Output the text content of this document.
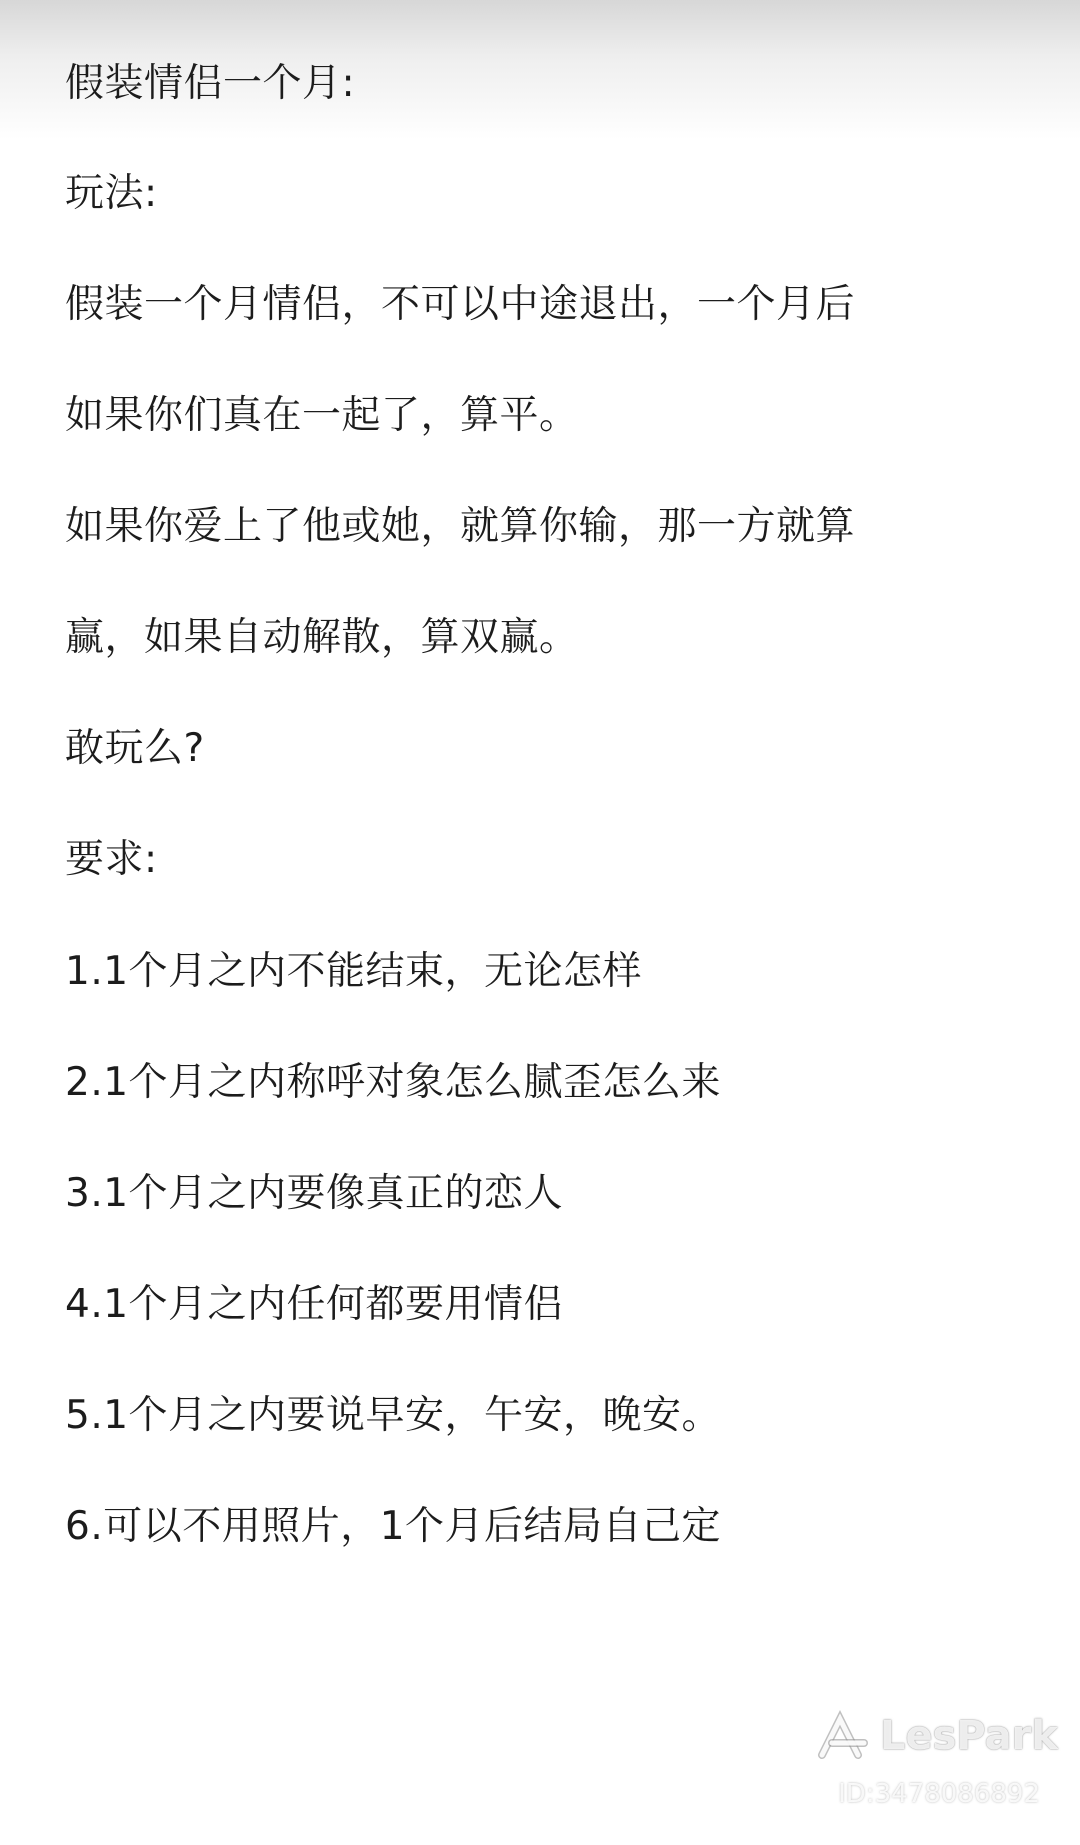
假装情侣一个月:
玩法:
假装一个月情侣，不可以中途退出，一个月后
如果你们真在一起了，算平。
如果你爱上了他或她，就算你输，那一方就算
赢，如果自动解散，算双赢。
敢玩么?
要求:
1.1个月之内不能结束，无论怎样
2.1个月之内称呼对象怎么腻歪怎么来
3.1个月之内要像真正的恋人
4.1个月之内任何都要用情侣
5.1个月之内要说早安，午安，晚安。
6.可以不用照片，1个月后结局自己定
LesPark
ID:3478086892
